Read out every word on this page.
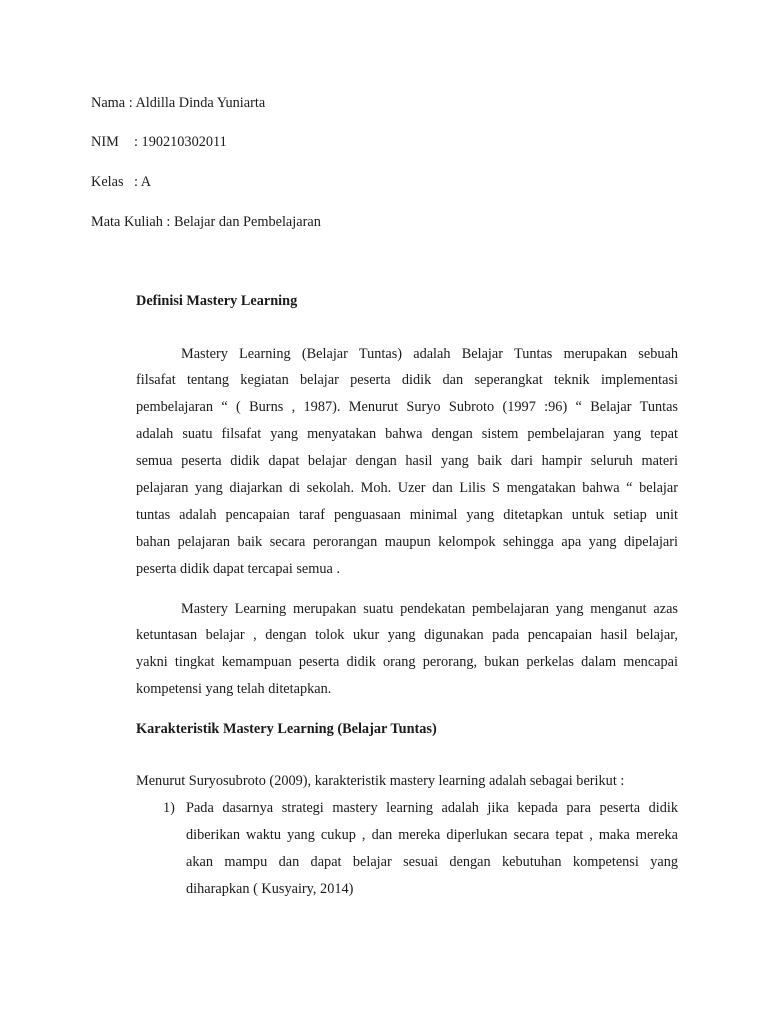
Nama : Aldilla Dinda Yuniarta
NIM : 190210302011
Kelas : A
Mata Kuliah : Belajar dan Pembelajaran
Definisi Mastery Learning
Mastery Learning (Belajar Tuntas) adalah Belajar Tuntas merupakan sebuah
filsafat tentang kegiatan belajar peserta didik dan seperangkat teknik implementasi
pembelajaran “ ( Burns , 1987). Menurut Suryo Subroto (1997 :96) “ Belajar Tuntas
adalah suatu filsafat yang menyatakan bahwa dengan sistem pembelajaran yang tepat
semua peserta didik dapat belajar dengan hasil yang baik dari hampir seluruh materi
pelajaran yang diajarkan di sekolah. Moh. Uzer dan Lilis S mengatakan bahwa “ belajar
tuntas adalah pencapaian taraf penguasaan minimal yang ditetapkan untuk setiap unit
bahan pelajaran baik secara perorangan maupun kelompok sehingga apa yang dipelajari
peserta didik dapat tercapai semua .
Mastery Learning merupakan suatu pendekatan pembelajaran yang menganut azas
ketuntasan belajar , dengan tolok ukur yang digunakan pada pencapaian hasil belajar,
yakni tingkat kemampuan peserta didik orang perorang, bukan perkelas dalam mencapai
kompetensi yang telah ditetapkan.
Karakteristik Mastery Learning (Belajar Tuntas)
Menurut Suryosubroto (2009), karakteristik mastery learning adalah sebagai berikut :
1) Pada dasarnya strategi mastery learning adalah jika kepada para peserta didik
diberikan waktu yang cukup , dan mereka diperlukan secara tepat , maka mereka
akan mampu dan dapat belajar sesuai dengan kebutuhan kompetensi yang
diharapkan ( Kusyairy, 2014)
